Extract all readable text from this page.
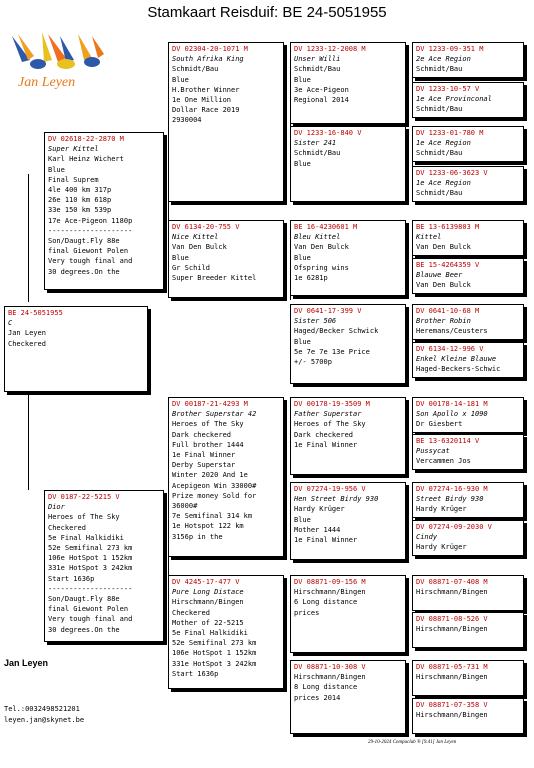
Stamkaart Reisduif: BE 24-5051955
Jan Leyen
BE 24-5051955
C
Jan Leyen
Checkered
DV 02618-22-2870 M
Super Kittel
Karl Heinz Wichert
Blue
Final Suprem
4le 400 km 317p
26e 110 km 618p
33e 150 km 539p
17e Ace-Pigeon 1180p
--------------------
Son/Daugt.Fly 88e
final Giewont Polen
Very tough final and
30 degrees.On the
DV 0187-22-5215 V
Dior
Heroes of The Sky
Checkered
5e Final Halkidiki
52e Semifinal 273 km
106e HotSpot 1 152km
331e HotSpot 3 242km
Start 1636p
--------------------
Son/Daugt.Fly 88e
final Giewont Polen
Very tough final and
30 degrees.On the
DV 02304-20-1071 M
South Afrika King
Schmidt/Bau
Blue
H.Brother Winner
1e One Million
Dollar Race 2019
2930004
DV 6134-20-755 V
Nice Kittel
Van Den Bulck
Blue
Gr Schild
Super Breeder Kittel
DV 00187-21-4293 M
Brother Superstar 42
Heroes of The Sky
Dark checkered
Full brother 1444
1e Final Winner
Derby Superstar
Winter 2020 And 1e
Acepigeon Win 33000#
Prize money Sold for
36000#
7e Semifinal 314 km
1e Hotspot 122 km
3156p in the
DV 4245-17-477 V
Pure Long Distace
Hirschmann/Bingen
Checkered
Mother of 22-5215
5e Final Halkidiki
52e Semifinal 273 km
106e HotSpot 1 152km
331e HotSpot 3 242km
Start 1636p
DV 1233-12-2008 M
Unser Willi
Schmidt/Bau
Blue
3e Ace-Pigeon
Regional 2014
DV 1233-16-840 V
Sister 241
Schmidt/Bau
Blue
BE 16-4230601 M
Bleu Kittel
Van Den Bulck
Blue
Ofspring wins
1e 6281p
DV 0641-17-399 V
Sister 506
Haged/Becker Schwick
Blue
5e 7e 7e 13e Price
+/- 5700p
DV 00178-19-3509 M
Father Superstar
Heroes of The Sky
Dark checkered
1e Final Winner
DV 07274-19-956 V
Hen Street Birdy 930
Hardy Krüger
Blue
Mother 1444
1e Final Winner
DV 08871-09-156 M
Hirschmann/Bingen
6 Long distance
prices
DV 08871-10-308 V
Hirschmann/Bingen
8 Long distance
prices 2014
DV 1233-09-351 M
2e Ace Region
Schmidt/Bau
DV 1233-10-57 V
1e Ace Provinconal
Schmidt/Bau
DV 1233-01-780 M
1e Ace Region
Schmidt/Bau
DV 1233-06-3623 V
1e Ace Region
Schmidt/Bau
BE 13-6139803 M
Kittel
Van Den Bulck
BE 15-4264359 V
Blauwe Beer
Van Den Bulck
DV 0641-10-68 M
Brother Robin
Heremans/Ceusters
DV 6134-12-996 V
Enkel Kleine Blauwe
Haged-Beckers-Schwic
DV 00178-14-181 M
Son Apollo x 1090
Dr Giesbert
BE 13-6320114 V
Pussycat
Vercammen Jos
DV 07274-16-930 M
Street Birdy 930
Hardy Krüger
DV 07274-09-2030 V
Cindy
Hardy Krüger
DV 08871-07-408 M
Hirschmann/Bingen
DV 08871-08-526 V
Hirschmann/Bingen
DV 08871-05-731 M
Hirschmann/Bingen
DV 08871-07-358 V
Hirschmann/Bingen
Jan Leyen
Tel.:0032498521201
leyen.jan@skynet.be
29-10-2024 Compuclub ® [9.41] Jan Leyen
